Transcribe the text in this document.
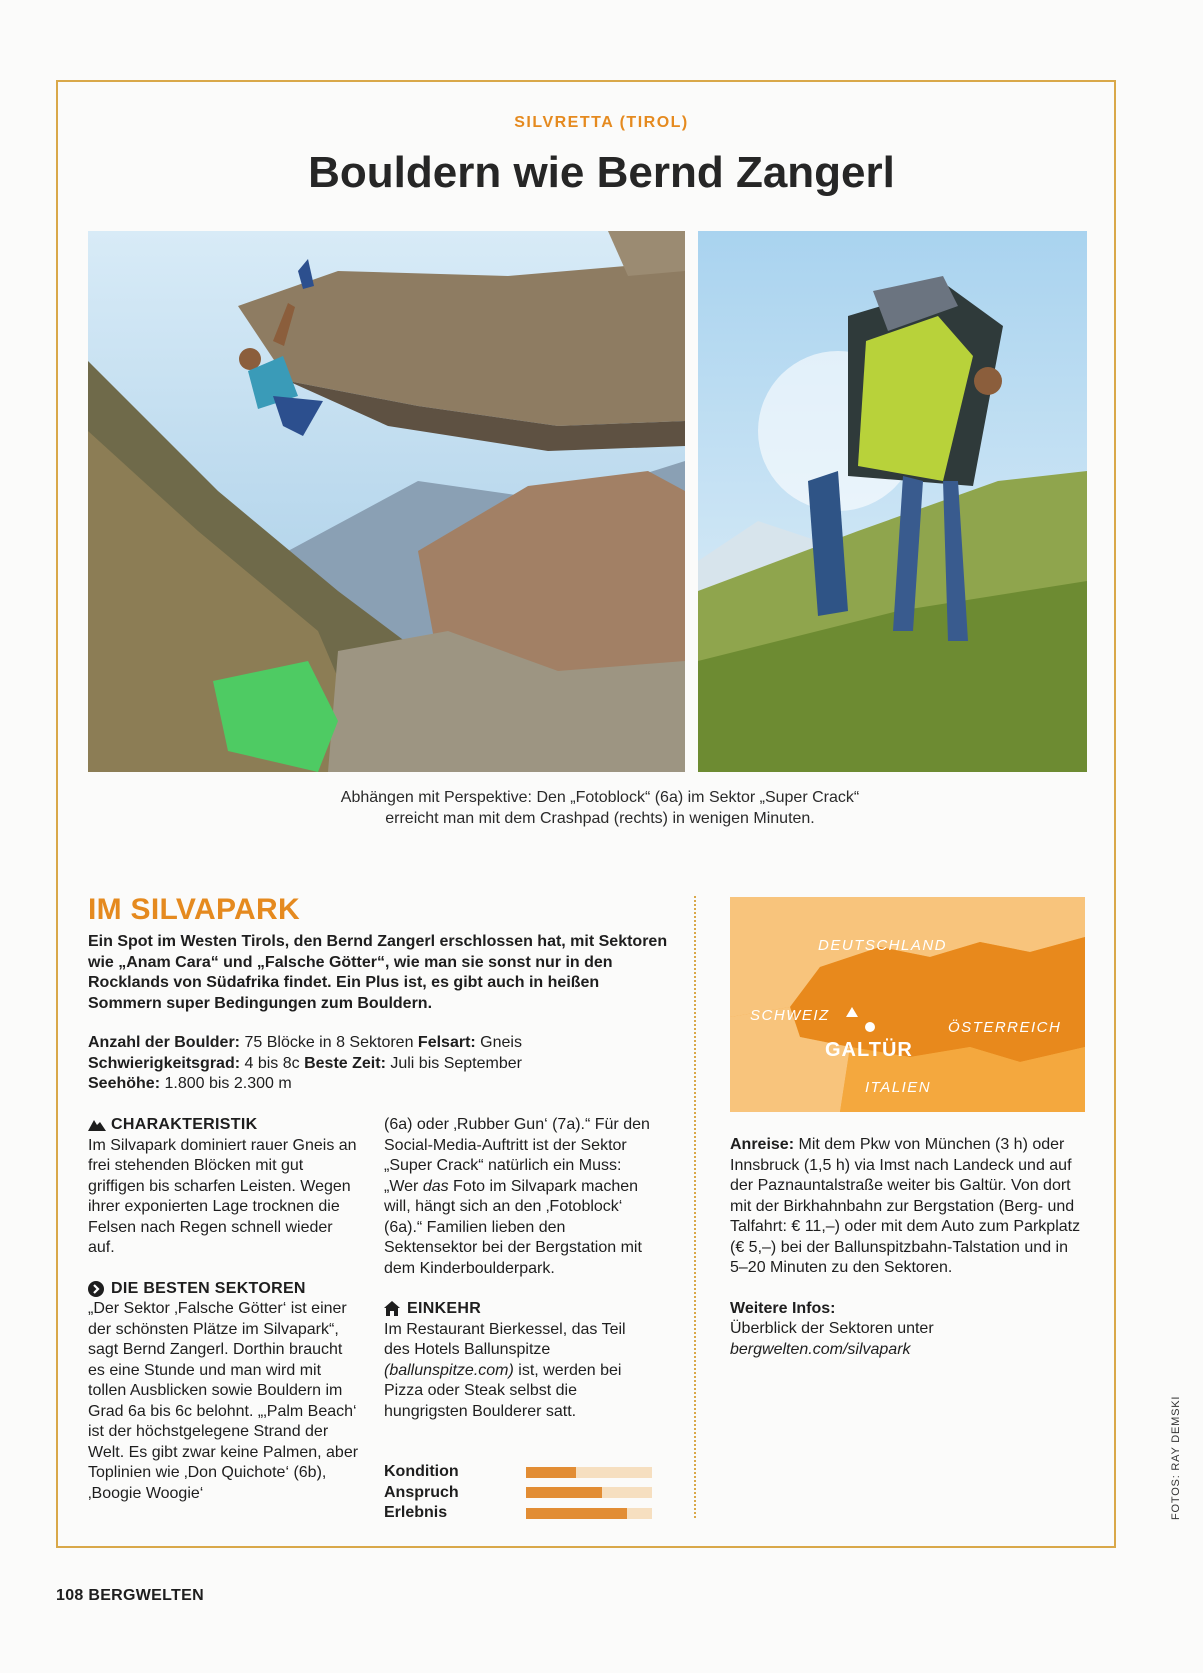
SILVRETTA (TIROL)
Bouldern wie Bernd Zangerl
Abhängen mit Perspektive: Den „Fotoblock“ (6a) im Sektor „Super Crack“
erreicht man mit dem Crashpad (rechts) in wenigen Minuten.
IM SILVAPARK
Ein Spot im Westen Tirols, den Bernd Zangerl erschlossen hat, mit Sektoren wie „Anam Cara“ und „Falsche Götter“, wie man sie sonst nur in den Rocklands von Südafrika findet. Ein Plus ist, es gibt auch in heißen Sommern super Bedingungen zum Bouldern.
Anzahl der Boulder: 75 Blöcke in 8 Sektoren Felsart: Gneis
Schwierigkeitsgrad: 4 bis 8c Beste Zeit: Juli bis September
Seehöhe: 1.800 bis 2.300 m
CHARAKTERISTIK

Im Silvapark dominiert rauer Gneis an frei stehenden Blöcken mit gut griffigen bis scharfen Leisten. Wegen ihrer exponierten Lage trocknen die Felsen nach Regen schnell wieder auf.

DIE BESTEN SEKTOREN

„Der Sektor ‚Falsche Götter‘ ist einer der schönsten Plätze im Silvapark“, sagt Bernd Zangerl. Dorthin braucht es eine Stunde und man wird mit tollen Ausblicken sowie Bouldern im Grad 6a bis 6c belohnt. „‚Palm Beach‘ ist der höchstgelegene Strand der Welt. Es gibt zwar keine Palmen, aber Toplinien wie ‚Don Quichote‘ (6b), ‚Boogie Woogie‘

(6a) oder ‚Rubber Gun‘ (7a).“ Für den Social-Media-Auftritt ist der Sektor „Super Crack“ natürlich ein Muss: „Wer das Foto im Silvapark machen will, hängt sich an den ‚Fotoblock‘ (6a).“ Familien lieben den Sektensektor bei der Bergstation mit dem Kinderboulderpark.

EINKEHR

Im Restaurant Bierkessel, das Teil des Hotels Ballunspitze (ballunspitze.com) ist, werden bei Pizza oder Steak selbst die hungrigsten Boulderer satt.

Kondition
Anspruch
Erlebnis
DEUTSCHLAND
SCHWEIZ
ÖSTERREICH
GALTÜR
ITALIEN

Anreise: Mit dem Pkw von München (3 h) oder Innsbruck (1,5 h) via Imst nach Landeck und auf der Paznauntalstraße weiter bis Galtür. Von dort mit der Birkhahnbahn zur Bergstation (Berg- und Talfahrt: € 11,–) oder mit dem Auto zum Parkplatz (€ 5,–) bei der Ballunspitzbahn-Talstation und in 5–20 Minuten zu den Sektoren.

Weitere Infos:

Überblick der Sektoren unter

bergwelten.com/silvapark

108 BERGWELTEN
FOTOS: RAY DEMSKI
